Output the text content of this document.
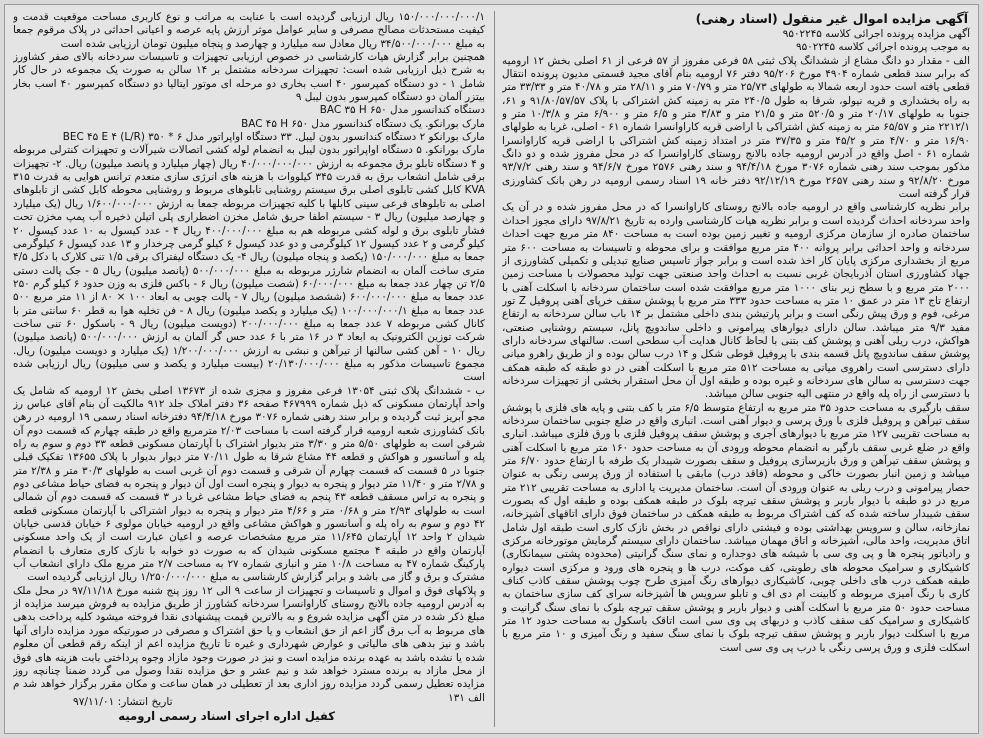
آگهی مزایده اموال غیر منقول (اسناد رهنی)
آگهی مزایده پرونده اجرائی کلاسه ۹۵۰۲۲۴۵
به موجب پرونده اجرائی کلاسه ۹۵۰۲۲۴۵

الف - مقدار دو دانگ مشاع از ششدانگ پلاک ثبتی ۵۸ فرعی مفروز از ۵۷ فرعی از ۶۱ اصلی بخش ۱۲ ارومیه که برابر سند قطعی شماره ۴۹۰۴ مورخ ۹۵/۲۰۶ دفتر ۷۶ ارومیه بنام آقای مجید قسمتی مدیون پرونده انتقال قطعی یافته است حدود اربعه شمالا به طولهای ۲۵/۷۳ متر و ۷۰/۷۹ متر و ۲۸/۱۱ متر و ۴۰/۷۸ متر و ۳۳/۳۳ متر به راه بخشداری و قریه نیولو، شرقا به طول ۲۴۰/۵ متر به زمینه کش اشتراکی با پلاک ۹۱/۸۰/۵۷/۵۷ و ۶۱، جنوبا به طولهای ۲۰/۱۷ متر و ۵۲۰/۵ متر و ۲۱/۵ متر و ۳/۸۳ متر و ۶/۵ متر و ۶/۹۰۰ متر و ۱۰/۳/۸ متر و ۲۲۱۲/۱ متر و ۶۵/۵۷ متر به زمینه کش اشتراکی با اراضی قریه کاراوانسرا شماره ۶۱ - اصلی، غربا به طولهای ۱۶/۹۰ متر و ۴/۷۰ متر و ۴۵/۲ متر و ۳۷/۳۵ متر در امتداد زمینه کش اشتراکی با اراضی قریه کاراوانسرا شماره ۶۱ - اصل واقع در آدرس ارومیه جاده بالانج روستای کاراوانسرا که در محل مفروز شده و دو دانگ مذکور بموجب سند رهنی شماره ۳۰۷۶ مورخ ۹۴/۴/۱۸ و سند رهنی ۲۵۷۶ مورخ ۹۴/۶/۷ و سند رهنی ۹۳/۷/۲ مورخ ۹۲/۸/۲۰ و سند رهنی ۲۶۵۷ مورخ ۹۲/۱۲/۱۹ دفتر خانه ۱۹ اسناد رسمی ارومیه در رهن بانک کشاورزی قرار گرفته است

برابر نظریه کارشناسی واقع در ارومیه جاده بالانج روستای کاراوانسرا که در محل مفروز شده و در آن یک واحد سردخانه احداث گردیده است و برابر نظریه هیات کارشناسی وارده به تاریخ ۹۷/۸/۲۱ دارای مجوز احداث ساختمان صادره از سازمان مرکزی ارومیه و تغییر زمین بوده است به مساحت ۸۴۰ متر مربع جهت احداث سردخانه و واحد احداثی برابر پروانه ۴۰۰ متر مربع موافقت و برای محوطه و تاسیسات به مساحت ۶۰۰ متر مربع از بخشداری مرکزی پایان کار اخذ شده است و برابر جواز تاسیس صنایع تبدیلی و تکمیلی کشاورزی از جهاد کشاورزی استان آذربایجان غربی نسبت به احداث واحد صنعتی جهت تولید محصولات با مساحت زمین ۲۰۰۰ متر مربع و با سطح زیر بنای ۱۰۰۰ متر مربع موافقت شده است ساختمان سردخانه با اسکلت آهنی با ارتفاع تاج ۱۳ متر در عمق ۱۰ متر به مساحت حدود ۳۳۳ متر مربع با پوشش سقف خرپای آهنی پروفیل Z تور مرغی، فوم و ورق پیش رنگی است و برابر پارتیشن بندی داخلی مشتمل بر ۱۴ باب سالن سردخانه به ارتفاع مفید ۹/۳ متر میباشد. سالن دارای دیوارهای پیرامونی و داخلی ساندویچ پانل، سیستم روشنایی صنعتی، هواکش، درب ریلی آهنی و پوشش کف بتنی با لحاظ کانال هدایت آب سطحی است. سالنهای سردخانه دارای پوشش سقف ساندویچ پانل قسمه بندی با پروفیل قوطی شکل و ۱۴ درب سالن بوده و از طریق راهرو میانی دارای دسترسی است راهروی میانی به مساحت ۵۱۲ متر مربع با اسکلت آهنی در دو طبقه که طبقه همکف جهت دسترسی به سالن های سردخانه و غیره بوده و طبقه اول آن محل استقرار بخشی از تجهیزات سردخانه با دسترسی از راه پله واقع در منتهی الیه جنوبی سالن میباشد.

سقف بارگیری به مساحت حدود ۳۵ متر مربع به ارتفاع متوسط ۶/۵ متر با کف بتنی و پایه های فلزی با پوشش سقف تیرآهن و پروفیل فلزی با ورق پرسی و دیوار آهنی است. انباری واقع در ضلع جنوبی ساختمان سردخانه به مساحت تقریبی ۱۲۷ متر مربع با دیوارهای آجری و پوشش سقف پروفیل فلزی با ورق فلزی میباشد. انباری واقع در ضلع غربی سقف بارگیر به انضمام محوطه ورودی آن به مساحت حدود ۱۶۰ متر مربع با اسکلت آهنی و پوشش سقف تیرآهن و ورق بازیرسازی پروفیل و سقف بصورت شیبدار یک طرفه با ارتفاع حدود ۶/۷۰ متر میباشد و زمین انبار بصورت خاکی و محوطه (فاقد درب) مابقی با استفاده از ورق پرسی رنگی به عنوان حصار پیرامونی و درب ریلی به عنوان ورودی آن است. ساختمان مدیریت یا اداری به مساحت تقریبی ۲۱۲ متر مربع در دو طبقه با دیوار باربر و پوشش سقف تیرچه بلوک در طبقه همکف بوده و طبقه اول که بصورت سقف شیبدار ساخته شده که کف اشتراک مربوط به طبقه همکف در ساختمان فوق دارای اتاقهای آشپزخانه، نمازخانه، سالن و سرویس بهداشتی بوده و فیشتی دارای نواقص در بخش نازک کاری است طبقه اول شامل اتاق مدیریت، واحد مالی، آشپزخانه و اتاق مهمان میباشد. ساختمان دارای سیستم گرمایش موتورخانه مرکزی و رادیاتور پنجره ها و پی وی سی با شیشه های دوجداره و نمای سنگ گرانیتی (محدوده پشتی سیمانکاری) کاشیکاری و سرامیک محوطه های رطوبتی، کف موکت، درب ها و پنجره های ورود و مرکزی است دیواره طبقه همکف درب های داخلی چوبی، کاشیکاری دیوارهای رنگ آمیزی طرح چوب پوشش سقف کاذب کناف کاری با رنگ آمیزی مربوطه و کابینت ام دی اف و تابلو سرویس ها آشپزخانه سرای کف سازی ساختمان به مساحت حدود ۵۰ متر مربع با اسکلت آهنی و دیوار باربر و پوشش سقف تیرچه بلوک با نمای سنگ گرانیت و کاشیکاری و سرامیک کف سقف کاذب و دربهای پی وی سی است اتاقک باسکول به مساحت حدود ۱۲ متر مربع با اسکلت دیوار باربر و پوشش سقف تیرچه بلوک با نمای سنگ سفید و رنگ آمیزی و ۱۰ متر مربع با اسکلت فلزی و ورق پرسی رنگی با درب پی وی سی است

۱۵۰/۰۰۰/۰۰۰/۰۰۰/۱ ریال ارزیابی گردیده است با عنایت به مراتب و نوع کاربری مساحت موقعیت قدمت و کیفیت مستحدثات مصالح مصرفی و سایر عوامل موثر ارزش پایه عرصه و اعیانی احداثی در پلاک مرقوم جمعا به مبلغ ۳۴/۵۰۰/۰۰۰/۰۰۰ ریال معادل سه میلیارد و چهارصد و پنجاه میلیون تومان ارزیابی شده است

همچنین برابر گزارش هیات کارشناسی در خصوص ارزیابی تجهیزات و تاسیسات سردخانه بالای صفر کشاورز به شرح ذیل ارزیابی شده است: تجهیزات سردخانه مشتمل بر ۱۴ سالن به صورت یک مجموعه در حال کار شامل ۱ - دو دستگاه کمپرسور ۴۰ اسب بخاری دو مرحله ای موتور ایتالیا دو دستگاه کمپرسور ۴۰ اسب بخار بیتزر آلمان دو دستگاه کمپرسور بدون لیبل ۹

دستگاه کندانسور مدل BAC ۳۵ H ۶۵۰
مارک بورانکو. یک دستگاه کندانسور مدل BAC ۴۵ H ۶۵۰
مارک بورانکو ۲ دستگاه کندانسور بدون لیبل. ۳۳ دستگاه اواپراتور مدل BEC ۴۵ E ۴ (L/R) ۳۵۰ * ۶

مارک بورانکو. ۵ دستگاه اواپراتور بدون لیبل به انضمام لوله کشی اتصالات شیرآلات و تجهیزات کنترلی مربوطه و ۴ دستگاه تابلو برق مجموعه به ارزش ۴۰/۰۰۰/۰۰۰/۰۰۰ ریال (چهار میلیارد و پانصد میلیون) ریال. ۲- تجهیزات برقی شامل انشعاب برق به قدرت ۳۴۵ کیلووات با هزینه های انرژی سازی منعدم ترانس هوایی به قدرت ۳۱۵ KVA کابل کشی تابلوی اصلی برق سیستم روشنایی تابلوهای مربوط و روشنایی محوطه کابل کشی از تابلوهای اصلی به تابلوهای فرعی سینی کابلها با کلیه تجهیزات مربوطه جمعا به ارزش ۱/۶۰۰/۰۰۰/۰۰۰ ریال (یک میلیارد و چهارصد میلیون) ریال ۳ - سیستم اطفا حریق شامل مخزن اضطراری پلی اتیلن ذخیره آب پمپ مخزن تحت فشار تابلوی برق و لوله کشی مربوطه هم به مبلغ ۴۰۰/۰۰۰/۰۰۰ ریال ۴ - عدد کیسول به ۱۰ عدد کیسول ۲۰ کیلو گرمی و ۲ عدد کیسول ۱۲ کیلوگرمی و دو عدد کیسول ۶ کیلو گرمی چرخدار و ۱۳ عدد کیسول ۶ کیلوگرمی جمعا به مبلغ ۱۵۰/۰۰۰/۰۰۰ (یکصد و پنجاه میلیون) ریال ۴- یک دستگاه لیفتراک برقی ۱/۵ تنی کلارک با دکل ۴/۵ متری ساخت آلمان به انضمام شارژر مربوطه به مبلغ ۵۰۰/۰۰۰/۰۰۰ (پانصد میلیون) ریال ۵ - جک پالت دستی ۲/۵ تن چهار عدد جمعا به مبلغ ۶۰/۰۰۰/۰۰۰ (شصت میلیون) ریال ۶ - باکس فلزی به وزن حدود ۶ کیلو گرم ۲۵۰ عدد جمعا به مبلغ ۶۰۰/۰۰۰/۰۰۰ (ششصد میلیون) ریال ۷ - پالت چوبی به ابعاد ۱۰۰ × ۸۰ از ۱۱ متر مربع ۵۰۰ عدد جمعا به مبلغ ۱۰۰/۰۰۰/۰۰۰/۱ (یک میلیارد و یکصد میلیون) ریال ۸ - فن تخلیه هوا به قطر ۶۰ سانتی متر با کانال کشی مربوطه ۷ عدد جمعا به مبلغ ۲۰۰/۰۰۰/۰۰۰ (دویست میلیون) ریال ۹ - باسکول ۶۰ تنی ساخت شرکت توزین الکترونیک به ابعاد ۳ در ۱۶ متر با ۶ عدد حس گر آلمان به ارزش ۵۰۰/۰۰۰/۰۰۰ (پانصد میلیون) ریال ۱۰ - آهن کشی سالنها از تیرآهن و نبشی به ارزش ۱/۲۰۰/۰۰۰/۰۰۰ (یک میلیارد و دویست میلیون) ریال. مجموع تاسیسات مذکور به مبلغ ۲۰/۱۳۰/۰۰۰/۰۰۰ (بیست میلیارد و یکصد و سی میلیون) ریال ارزیابی شده است

ب - ششدانگ پلاک ثبتی ۱۳۰۵۴ فرعی مفروز و مجزی شده از ۱۳۶۷۳ اصلی بخش ۱۲ ارومیه که شامل یک واحد آپارتمان مسکونی که ذیل شماره ۴۶۷۹۹۹ صفحه ۳۶ دفتر املاک جلد ۹۱۲ مالکیت آن بنام آقای عباس رز مجو آبریز ثبت گردیده و برابر سند رهنی شماره ۳۰۷۶ مورخ ۹۴/۴/۱۸ دفترخانه اسناد رسمی ۱۹ ارومیه در رهن بانک کشاورزی شعبه ارومیه قرار گرفته است با مساحت ۲/۰۳ مترمربع واقع در طبقه چهارم که قسمت دوم آن شرقی است به طولهای ۵/۵۰ متر و ۳/۳۰ متر بدیوار اشتراک با آپارتمان مسکونی قطعه ۳۳ دوم و سوم به راه پله و آسانسور و هواکش و قطعه ۴۴ مشاع شرقا به طول ۷۰/۱۱ متر دیوار بدیوار با پلاک ۱۳۶۵۵ تفکیک قبلی جنوبا در ۵ قسمت که قسمت چهارم آن شرقی و قسمت دوم آن غربی است به طولهای ۳۰/۳ متر و ۲/۳۸ متر و ۲/۷۸ متر و ۱۱/۴۰ متر دیوار و پنجره به دیوار و پنجره است اول آن دیوار و پنجره به فضای حیاط مشاعی دوم و پنجره به تراس مسقف قطعه ۴۳ پنجم به فضای حیاط مشاعی غربا در ۳ قسمت که قسمت دوم آن شمالی است به طولهای ۲/۹۳ متر و ۰/۶۸ متر و ۴/۶۶ متر دیوار و پنجره به دیوار اشتراکی با آپارتمان مسکونی قطعه ۴۲ دوم و سوم به راه پله و آسانسور و هواکش مشاعی واقع در ارومیه خیابان مولوی ۶ خیابان قدسی خیابان شیدان ۲ واحد ۱۲ آپارتمان ۱۱/۶۴۵ متر مربع مشخصات عرصه و اعیان عبارت است از یک واحد مسکونی آپارتمان واقع در طبقه ۴ مجتمع مسکونی شیدان که به صورت دو خوابه با نازک کاری متعارف با انضمام پارکینگ شماره ۴۷ به مساحت ۱۰/۸ متر و انباری شماره ۲۷ به مساحت ۲/۷ متر مربع ملک دارای انشعاب آب مشترک و برق و گاز می باشد و برابر گزارش کارشناسی به مبلغ ۱/۲۵۰/۰۰۰/۰۰۰ ریال ارزیابی گردیده است

و پلاکهای فوق و اموال و تاسیسات و تجهیزات از ساعت ۹ الی ۱۲ روز پنج شنبه مورخ ۹۷/۱۱/۱۸ در محل ملک به آدرس ارومیه جاده بالانج روستای کاراوانسرا سردخانه کشاورز از طریق مزایده به فروش میرسد مزایده از مبلغ ذکر شده در متن آگهی مزایده شروع و به بالاترین قیمت پیشنهادی نقدا فروخته میشود کلیه پرداخت بدهی های مربوط به آب برق گاز اعم از حق انشعاب و یا حق اشتراک و مصرفی در صورتیکه مورد مزایده دارای آنها باشد و نیز بدهی های مالیاتی و عوارض شهرداری و غیره تا تاریخ مزایده اعم از اینکه رقم قطعی آن معلوم شده یا نشده باشد به عهده برنده مزایده است و نیز در صورت وجود مازاد وجوه پرداختی بابت هزینه های فوق از محل مازاد به برنده مسترد خواهد شد و نیم عشر و حق مزایده نقدا وصول می گردد ضمنا چنانچه روز مزایده تعطیل رسمی گردد مزایده روز اداری بعد از تعطیلی در همان ساعت و مکان مقرر برگزار خواهد شد م الف ۱۳۱

تاریخ انتشار: ۹۷/۱۱/۰۱
کفیل اداره اجرای اسناد رسمی ارومیه
